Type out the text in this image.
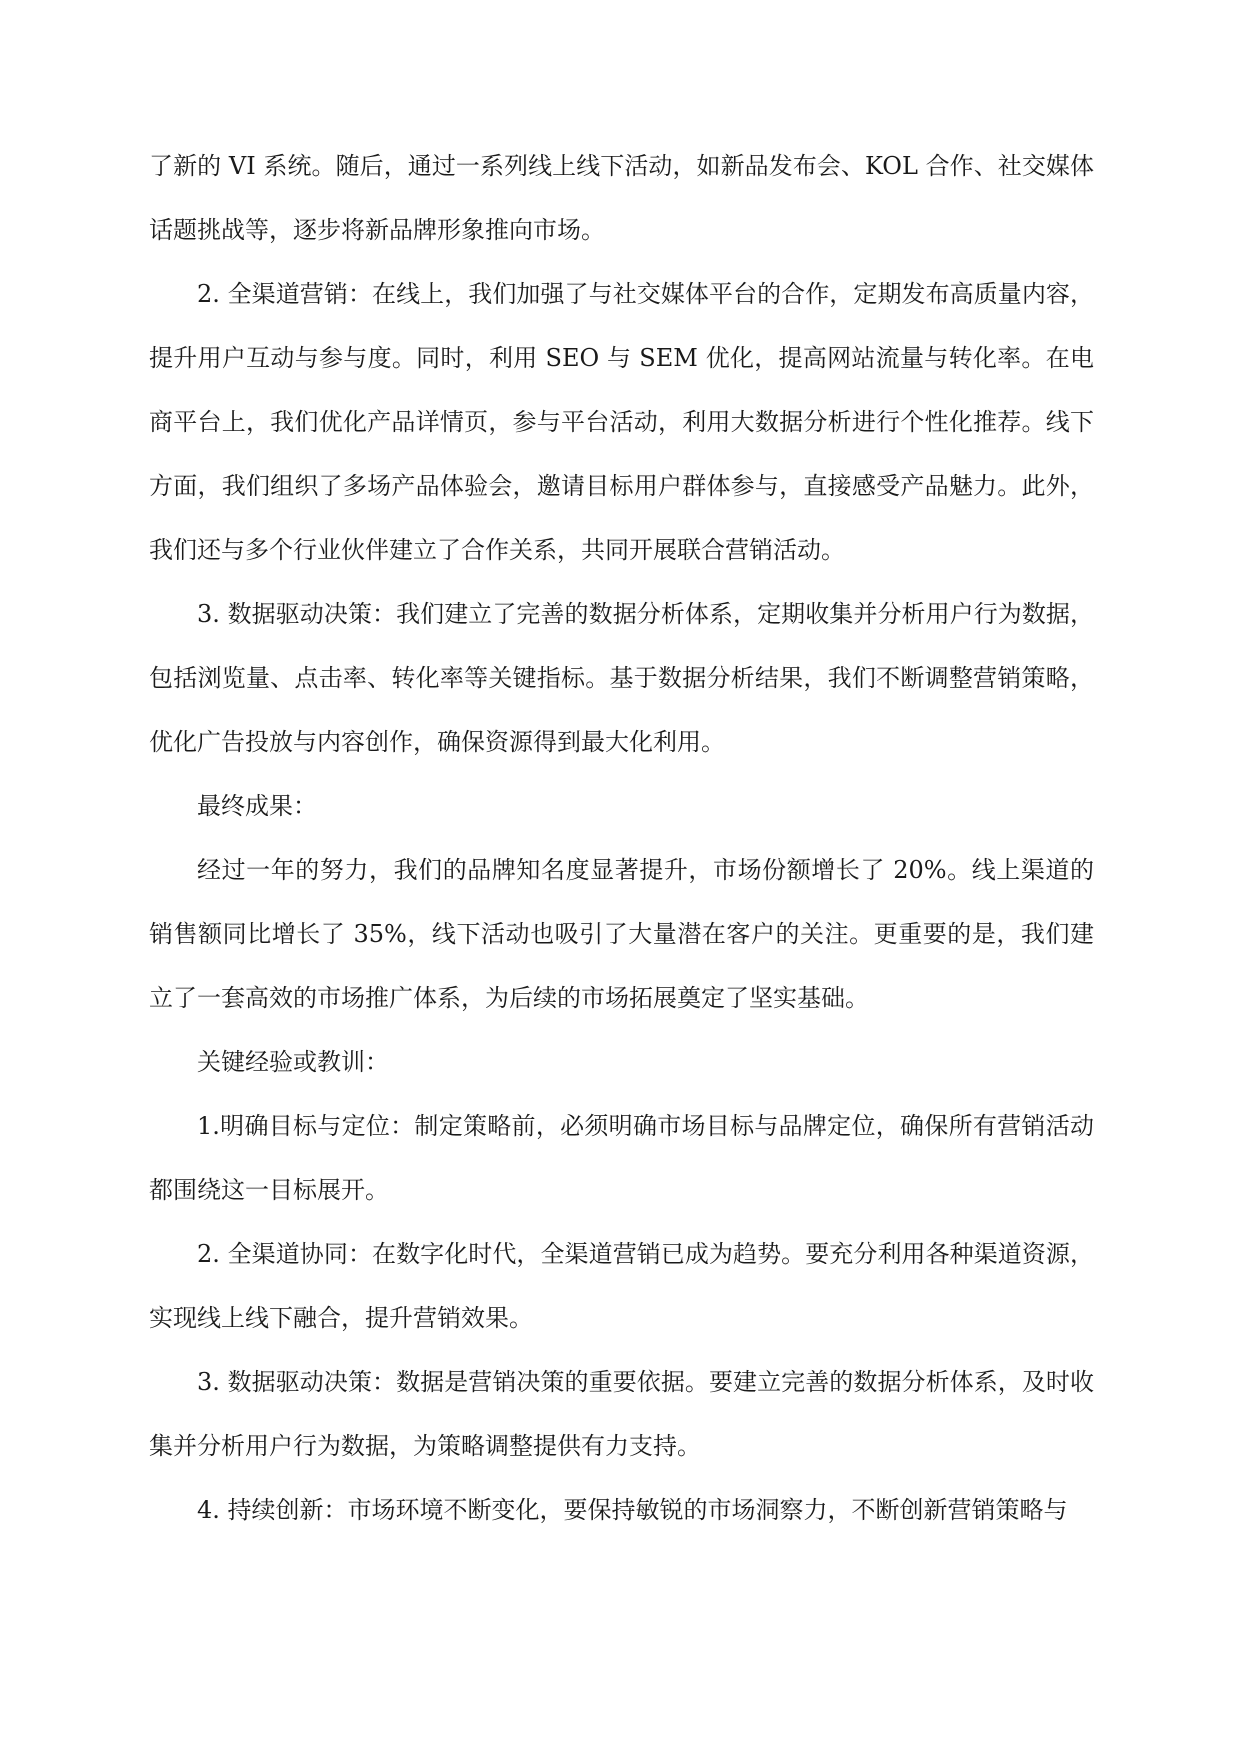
了新的 VI 系统。随后，通过一系列线上线下活动，如新品发布会、KOL 合作、社交媒体话题挑战等，逐步将新品牌形象推向市场。

2. 全渠道营销：在线上，我们加强了与社交媒体平台的合作，定期发布高质量内容，提升用户互动与参与度。同时，利用 SEO 与 SEM 优化，提高网站流量与转化率。在电商平台上，我们优化产品详情页，参与平台活动，利用大数据分析进行个性化推荐。线下方面，我们组织了多场产品体验会，邀请目标用户群体参与，直接感受产品魅力。此外，我们还与多个行业伙伴建立了合作关系，共同开展联合营销活动。

3. 数据驱动决策：我们建立了完善的数据分析体系，定期收集并分析用户行为数据，包括浏览量、点击率、转化率等关键指标。基于数据分析结果，我们不断调整营销策略，优化广告投放与内容创作，确保资源得到最大化利用。

最终成果：

经过一年的努力，我们的品牌知名度显著提升，市场份额增长了 20%。线上渠道的销售额同比增长了 35%，线下活动也吸引了大量潜在客户的关注。更重要的是，我们建立了一套高效的市场推广体系，为后续的市场拓展奠定了坚实基础。

关键经验或教训：

1.明确目标与定位：制定策略前，必须明确市场目标与品牌定位，确保所有营销活动都围绕这一目标展开。

2. 全渠道协同：在数字化时代，全渠道营销已成为趋势。要充分利用各种渠道资源，实现线上线下融合，提升营销效果。

3. 数据驱动决策：数据是营销决策的重要依据。要建立完善的数据分析体系，及时收集并分析用户行为数据，为策略调整提供有力支持。

4. 持续创新：市场环境不断变化，要保持敏锐的市场洞察力，不断创新营销策略与
